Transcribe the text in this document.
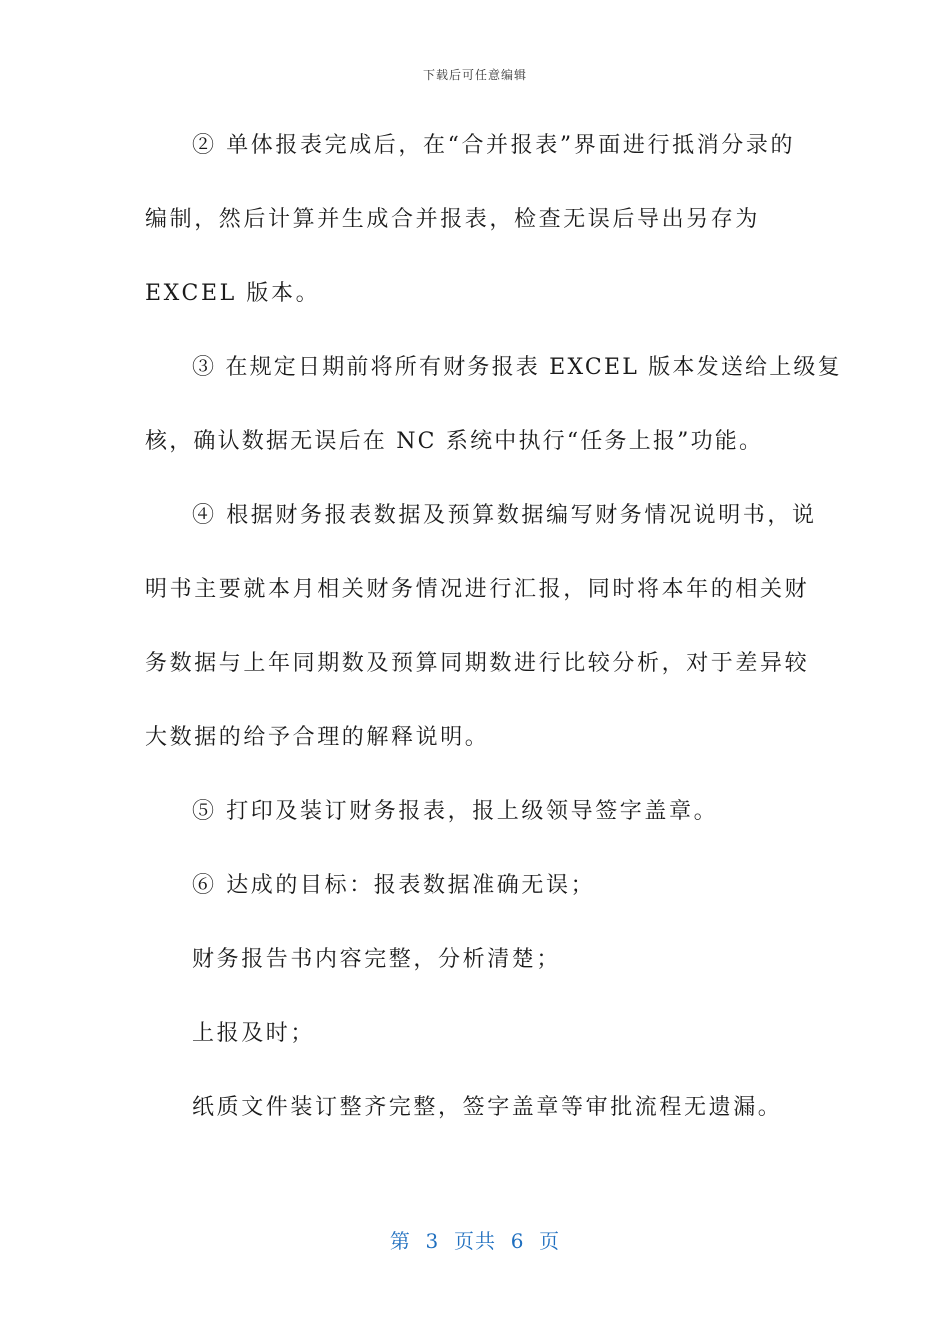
下载后可任意编辑
② 单体报表完成后，在“合并报表”界面进行抵消分录的
编制，然后计算并生成合并报表，检查无误后导出另存为
EXCEL 版本。
③ 在规定日期前将所有财务报表 EXCEL 版本发送给上级复
核，确认数据无误后在 NC 系统中执行“任务上报”功能。
④ 根据财务报表数据及预算数据编写财务情况说明书，说
明书主要就本月相关财务情况进行汇报，同时将本年的相关财
务数据与上年同期数及预算同期数进行比较分析，对于差异较
大数据的给予合理的解释说明。
⑤ 打印及装订财务报表，报上级领导签字盖章。
⑥ 达成的目标：报表数据准确无误；
财务报告书内容完整，分析清楚；
上报及时；
纸质文件装订整齐完整，签字盖章等审批流程无遗漏。
第  3  页共  6  页
